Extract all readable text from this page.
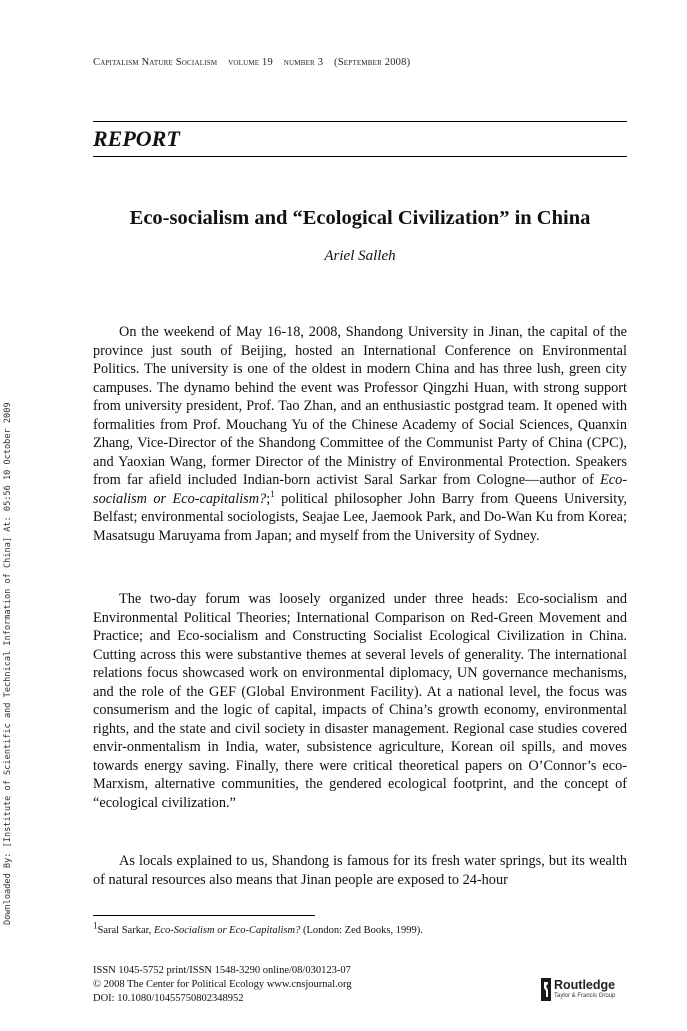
Capitalism Nature Socialism volume 19 number 3 (September 2008)
REPORT
Eco-socialism and “Ecological Civilization” in China
Ariel Salleh

On the weekend of May 16-18, 2008, Shandong University in Jinan, the capital of the province just south of Beijing, hosted an International Conference on Environmental Politics. The university is one of the oldest in modern China and has three lush, green city campuses. The dynamo behind the event was Professor Qingzhi Huan, with strong support from university president, Prof. Tao Zhan, and an enthusiastic postgrad team. It opened with formalities from Prof. Mouchang Yu of the Chinese Academy of Social Sciences, Quanxin Zhang, Vice-Director of the Shandong Committee of the Communist Party of China (CPC), and Yaoxian Wang, former Director of the Ministry of Environmental Protection. Speakers from far afield included Indian-born activist Saral Sarkar from Cologne—author of Eco-socialism or Eco-capitalism?;$^1$ political philosopher John Barry from Queens University, Belfast; environmental sociologists, Seajae Lee, Jaemook Park, and Do-Wan Ku from Korea; Masatsugu Maruyama from Japan; and myself from the University of Sydney.

The two-day forum was loosely organized under three heads: Eco-socialism and Environmental Political Theories; International Comparison on Red-Green Movement and Practice; and Eco-socialism and Constructing Socialist Ecological Civilization in China. Cutting across this were substantive themes at several levels of generality. The international relations focus showcased work on environmental diplomacy, UN governance mechanisms, and the role of the GEF (Global Environment Facility). At a national level, the focus was consumerism and the logic of capital, impacts of China’s growth economy, environmental rights, and the state and civil society in disaster management. Regional case studies covered envir-onmentalism in India, water, subsistence agriculture, Korean oil spills, and moves towards energy saving. Finally, there were critical theoretical papers on O’Connor’s eco-Marxism, alternative communities, the gendered ecological footprint, and the concept of “ecological civilization.”

As locals explained to us, Shandong is famous for its fresh water springs, but its wealth of natural resources also means that Jinan people are exposed to 24-hour

$^1$Saral Sarkar, Eco-Socialism or Eco-Capitalism? (London: Zed Books, 1999).
ISSN 1045-5752 print/ISSN 1548-3290 online/08/030123-07
© 2008 The Center for Political Ecology www.cnsjournal.org
DOI: 10.1080/10455750802348952
Downloaded By: [Institute of Scientific and Technical Information of China] At: 05:56 10 October 2009
Routledge
Taylor & Francis Group
